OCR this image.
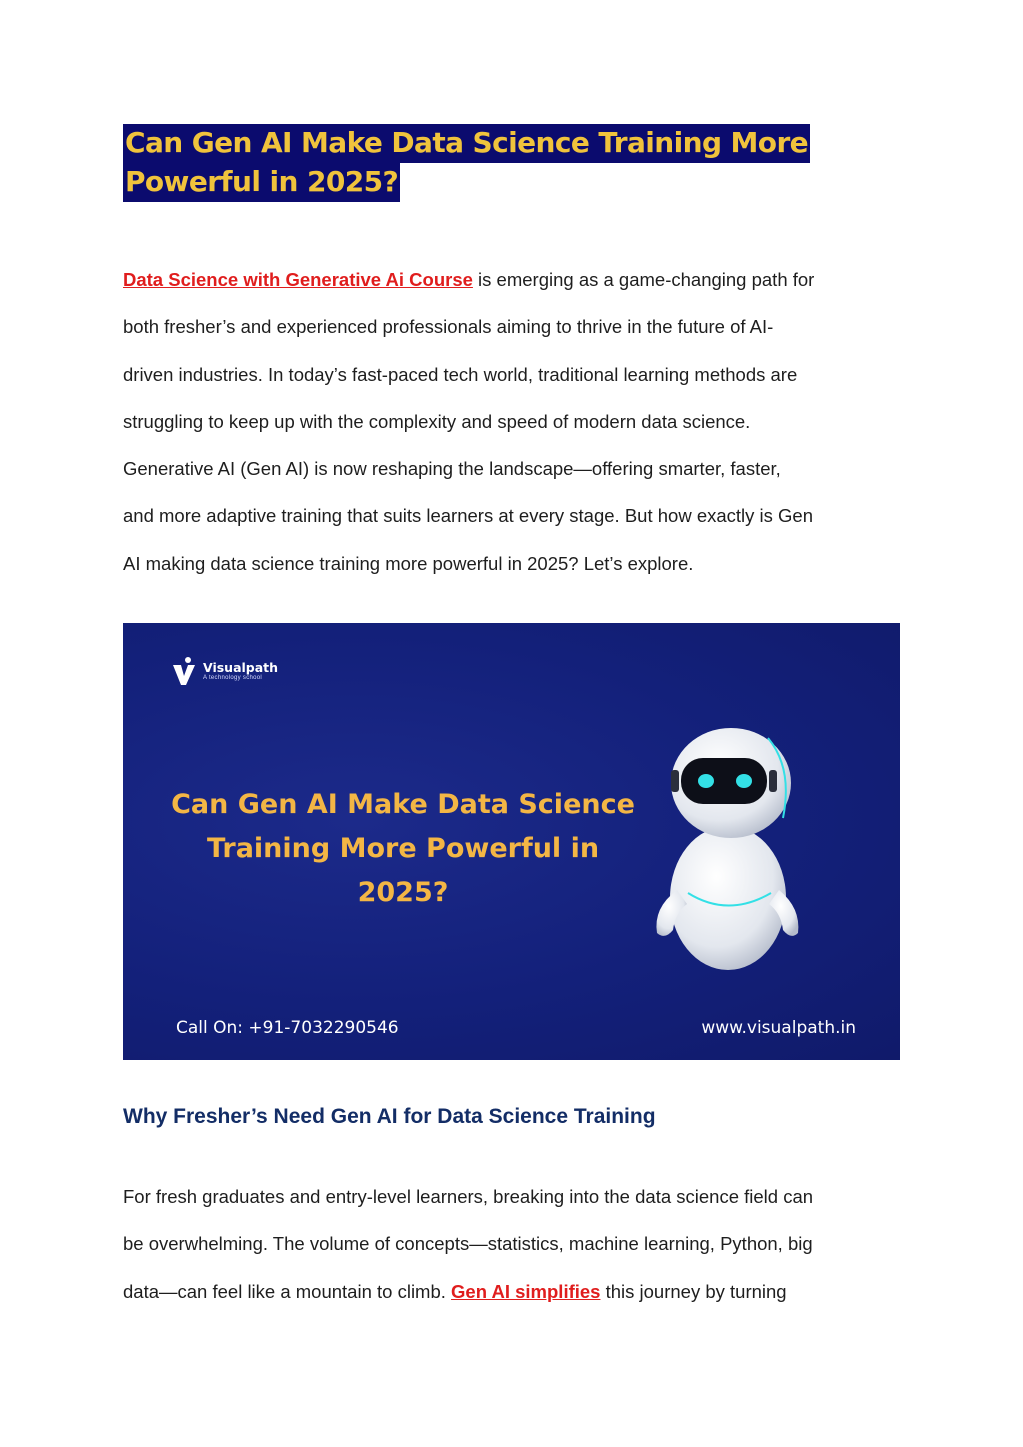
Can Gen AI Make Data Science Training More
Powerful in 2025?
Data Science with Generative Ai Course is emerging as a game-changing path for
both fresher’s and experienced professionals aiming to thrive in the future of AI-
driven industries. In today’s fast-paced tech world, traditional learning methods are
struggling to keep up with the complexity and speed of modern data science.
Generative AI (Gen AI) is now reshaping the landscape—offering smarter, faster,
and more adaptive training that suits learners at every stage. But how exactly is Gen
AI making data science training more powerful in 2025? Let’s explore.
Visualpath
A technology school
Can Gen AI Make Data Science
Training More Powerful in
2025?
Call On: +91-7032290546	www.visualpath.in
Why Fresher’s Need Gen AI for Data Science Training
For fresh graduates and entry-level learners, breaking into the data science field can
be overwhelming. The volume of concepts—statistics, machine learning, Python, big
data—can feel like a mountain to climb. Gen AI simplifies this journey by turning
